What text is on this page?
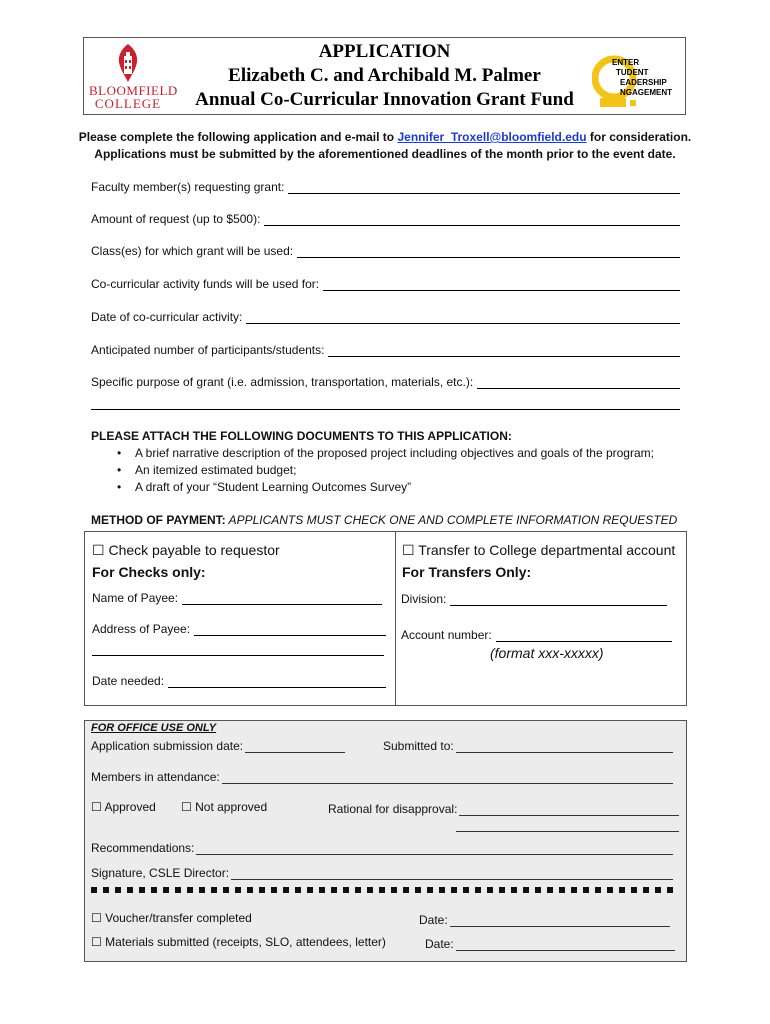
BLOOMFIELD
COLLEGE
APPLICATION
Elizabeth C. and Archibald M. Palmer
Annual Co-Curricular Innovation Grant Fund
ENTER
TUDENT
EADERSHIP
NGAGEMENT
Please complete the following application and e-mail to Jennifer_Troxell@bloomfield.edu for consideration.
Applications must be submitted by the aforementioned deadlines of the month prior to the event date.
Faculty member(s) requesting grant:
Amount of request (up to $500):
Class(es) for which grant will be used:
Co-curricular activity funds will be used for:
Date of co-curricular activity:
Anticipated number of participants/students:
Specific purpose of grant (i.e. admission, transportation, materials, etc.):
PLEASE ATTACH THE FOLLOWING DOCUMENTS TO THIS APPLICATION:
• A brief narrative description of the proposed project including objectives and goals of the program;
• An itemized estimated budget;
• A draft of your “Student Learning Outcomes Survey”
METHOD OF PAYMENT: APPLICANTS MUST CHECK ONE AND COMPLETE INFORMATION REQUESTED
☐ Check payable to requestor
For Checks only:
☐ Transfer to College departmental account
For Transfers Only:
Name of Payee:
Address of Payee:
Date needed:
Division:
Account number:
(format xxx-xxxxx)
FOR OFFICE USE ONLY
Application submission date:	Submitted to:
Members in attendance:
☐ Approved ☐ Not approved	Rational for disapproval:
Recommendations:
Signature, CSLE Director:
☐ Voucher/transfer completed	Date:
☐ Materials submitted (receipts, SLO, attendees, letter)	Date:
